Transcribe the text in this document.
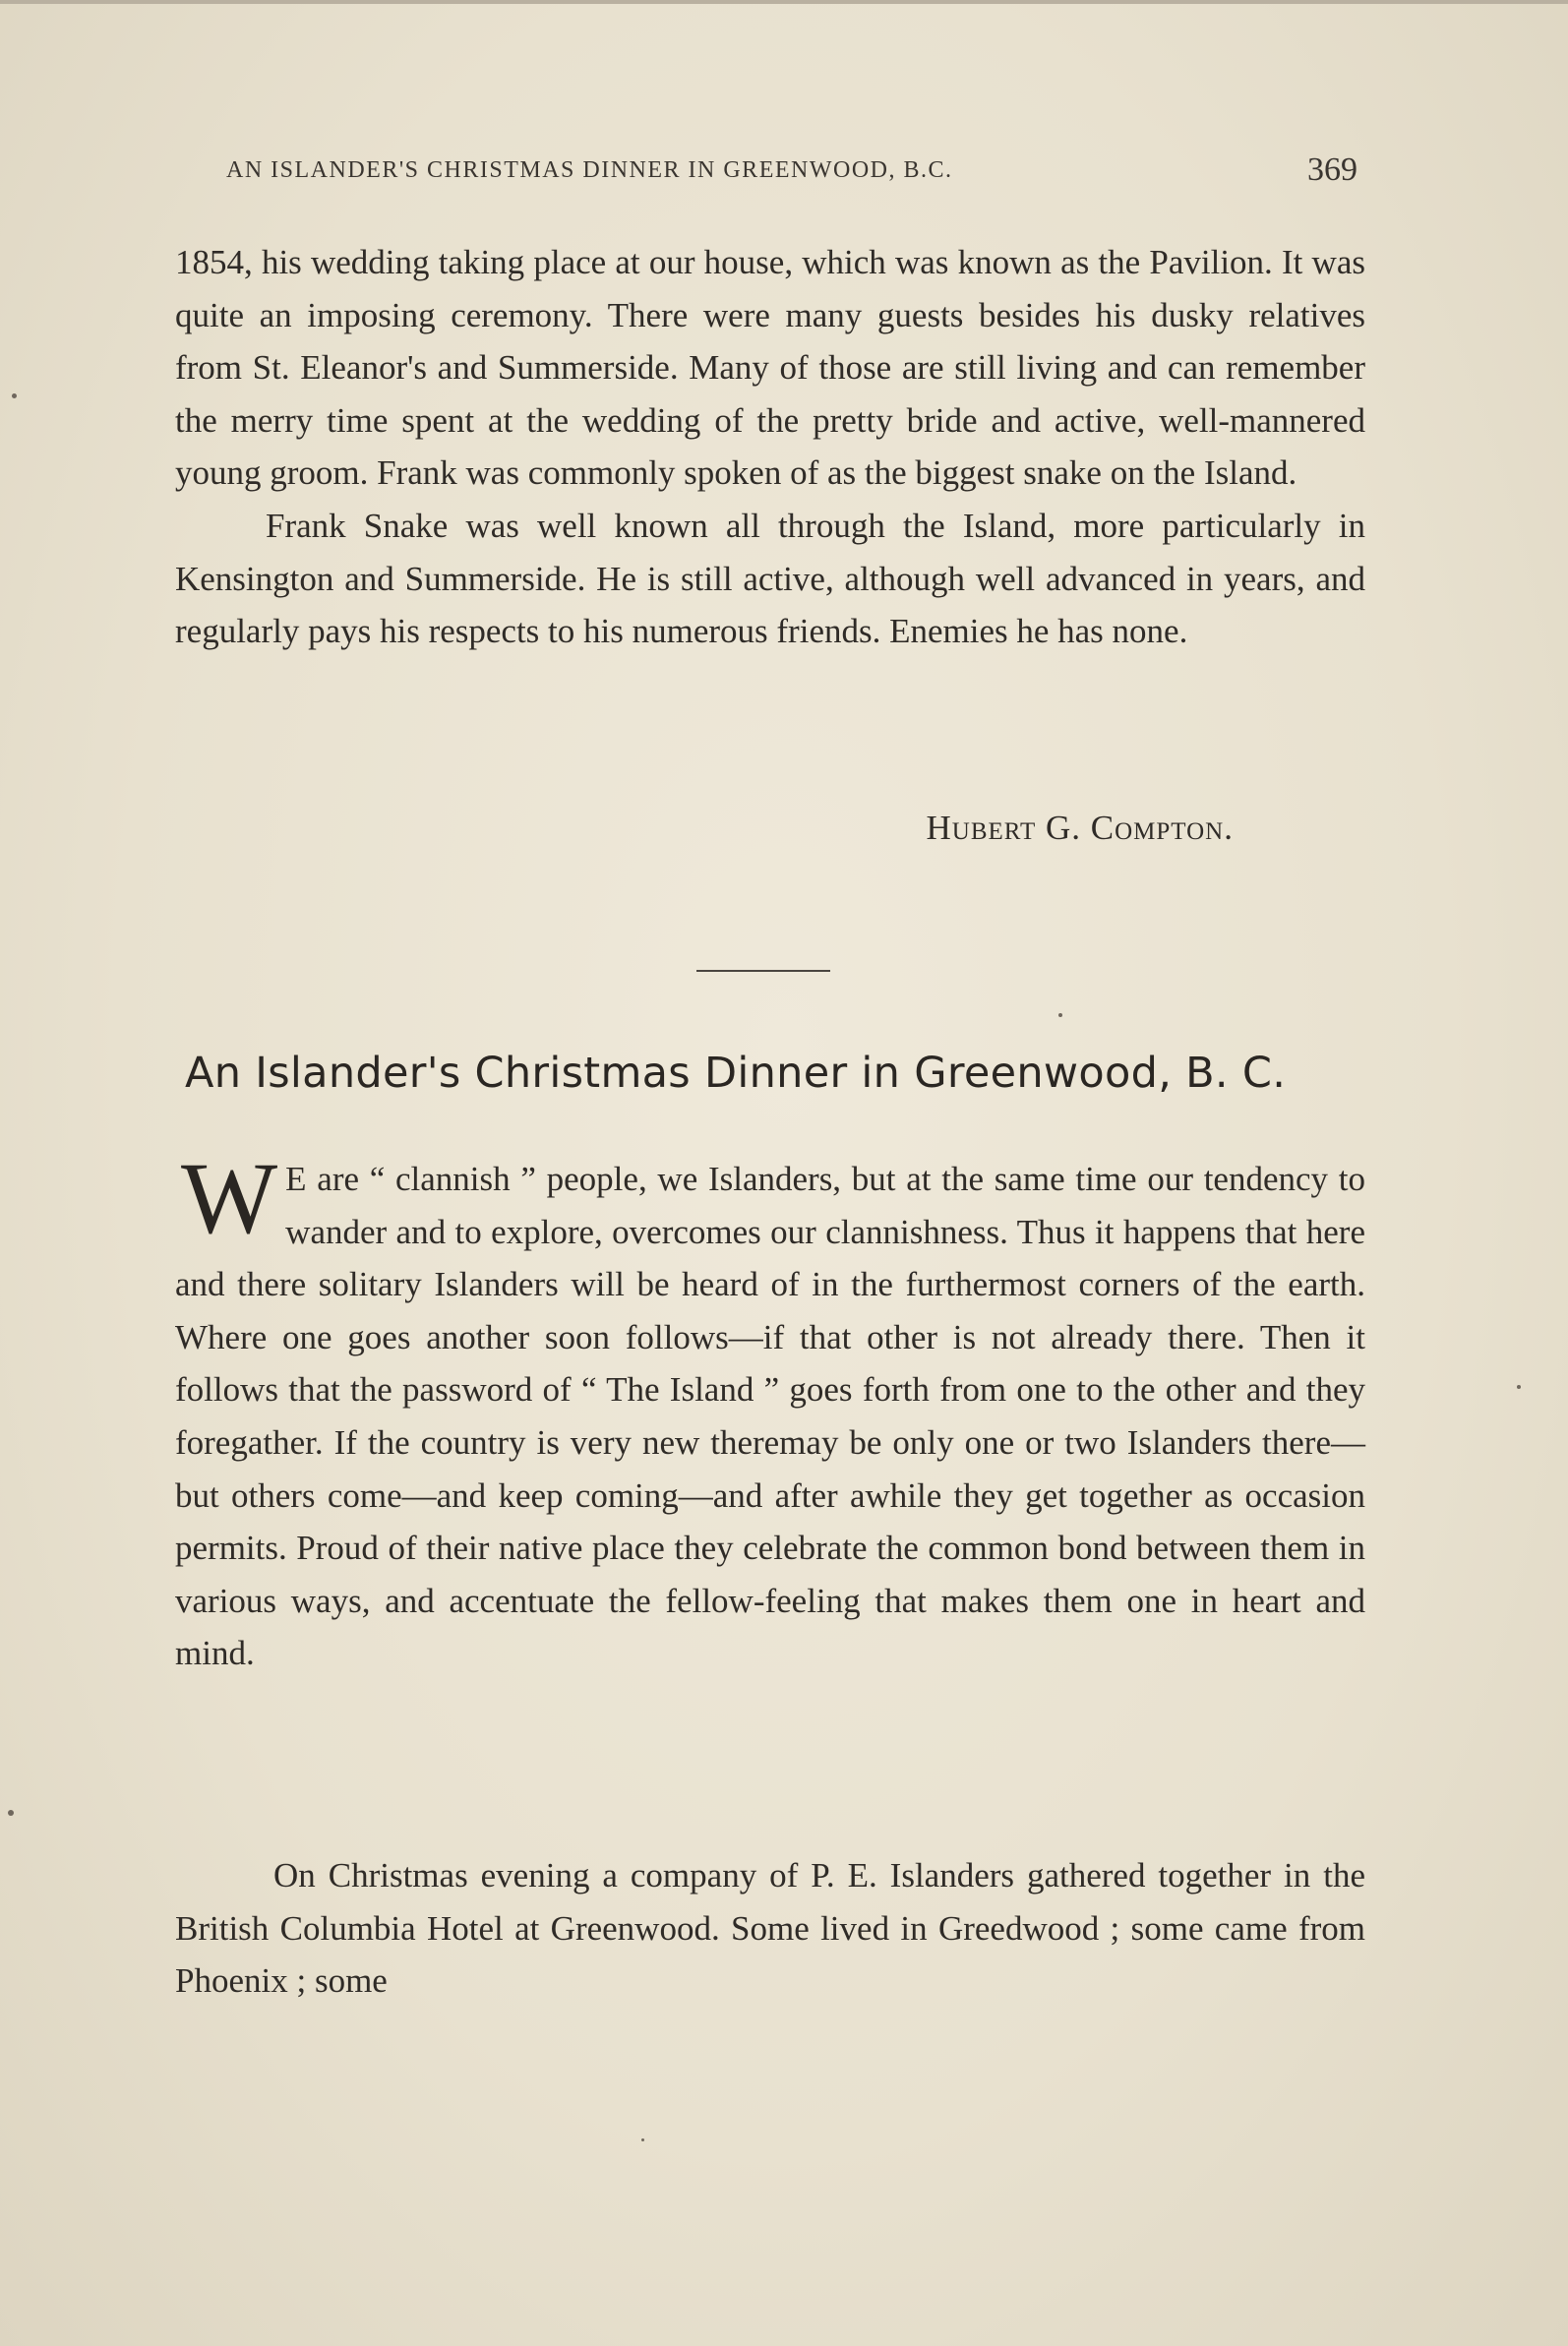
AN ISLANDER'S CHRISTMAS DINNER IN GREENWOOD, B.C.	369

1854, his wedding taking place at our house, which was known as the Pavilion. It was quite an imposing ceremony. There were many guests besides his dusky relatives from St. Eleanor's and Summerside. Many of those are still living and can remember the merry time spent at the wedding of the pretty bride and active, well-mannered young groom. Frank was commonly spoken of as the biggest snake on the Island.

Frank Snake was well known all through the Island, more particularly in Kensington and Summerside. He is still active, although well advanced in years, and regularly pays his respects to his numerous friends. Enemies he has none.

Hubert G. Compton.
An Islander's Christmas Dinner in Greenwood, B. C.

W E are “ clannish ” people, we Islanders, but at the same time our tendency to wander and to explore, overcomes our clannishness. Thus it happens that here and there solitary Islanders will be heard of in the furthermost corners of the earth. Where one goes another soon follows—if that other is not already there. Then it follows that the password of “ The Island ” goes forth from one to the other and they foregather. If the country is very new theremay be only one or two Islanders there—but others come—and keep coming—and after awhile they get together as occasion permits. Proud of their native place they celebrate the common bond between them in various ways, and accentuate the fellow-feeling that makes them one in heart and mind.

On Christmas evening a company of P. E. Islanders gathered together in the British Columbia Hotel at Greenwood. Some lived in Greedwood ; some came from Phoenix ; some
